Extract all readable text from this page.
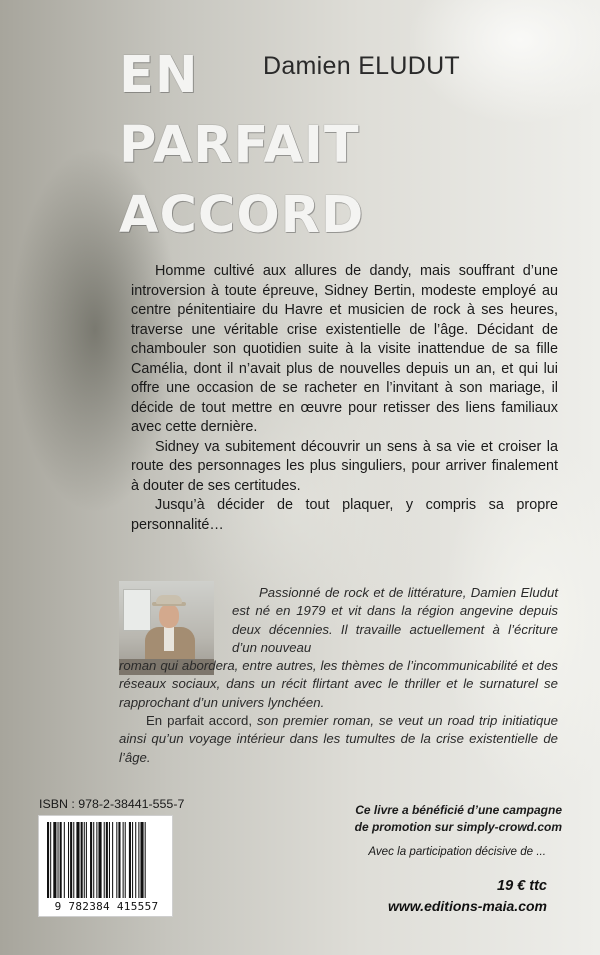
Damien ELUDUT
EN
PARFAIT
ACCORD

Homme cultivé aux allures de dandy, mais souffrant d’une introversion à toute épreuve, Sidney Bertin, modeste employé au centre pénitentiaire du Havre et musicien de rock à ses heures, traverse une véritable crise existentielle de l’âge. Décidant de chambouler son quotidien suite à la visite inattendue de sa fille Camélia, dont il n’avait plus de nouvelles depuis un an, et qui lui offre une occasion de se racheter en l’invitant à son mariage, il décide de tout mettre en œuvre pour retisser des liens familiaux avec cette dernière.

Sidney va subitement découvrir un sens à sa vie et croiser la route des personnages les plus singuliers, pour arriver finalement à douter de ses certitudes.

Jusqu’à décider de tout plaquer, y compris sa propre personnalité…

Passionné de rock et de littérature, Damien Eludut est né en 1979 et vit dans la région angevine depuis deux décennies. Il travaille actuellement à l’écriture d’un nouveau

roman qui abordera, entre autres, les thèmes de l’incommunicabilité et des réseaux sociaux, dans un récit flirtant avec le thriller et le surnaturel se rapprochant d’un univers lynchéen.

En parfait accord, son premier roman, se veut un road trip initiatique ainsi qu’un voyage intérieur dans les tumultes de la crise existentielle de l’âge.

ISBN : 978-2-38441-555-7
9 782384 415557
Ce livre a bénéficié d’une campagne
de promotion sur simply-crowd.com
Avec la participation décisive de ...
19 € ttc
www.editions-maia.com
